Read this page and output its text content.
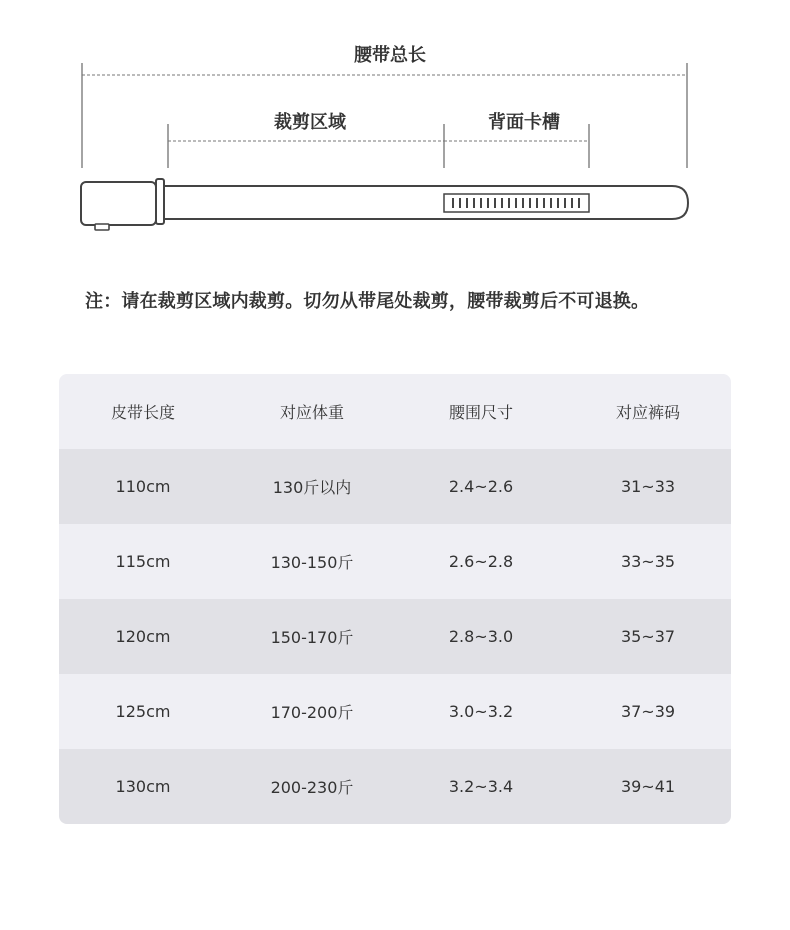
腰带总长
裁剪区域	背面卡槽
注：请在裁剪区域内裁剪。切勿从带尾处裁剪，腰带裁剪后不可退换。
皮带长度	对应体重	腰围尺寸	对应裤码
110cm	130斤以内	2.4~2.6	31~33
115cm	130-150斤	2.6~2.8	33~35
120cm	150-170斤	2.8~3.0	35~37
125cm	170-200斤	3.0~3.2	37~39
130cm	200-230斤	3.2~3.4	39~41
